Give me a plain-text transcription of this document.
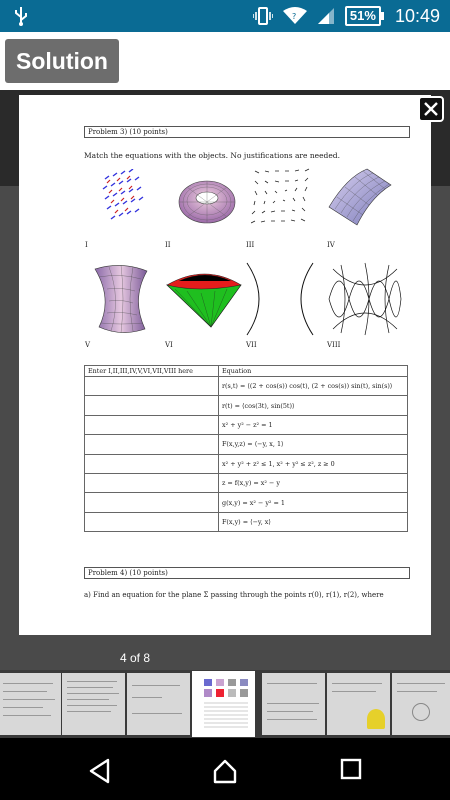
?	51% 10:49
Solution
Problem 3) (10 points)
Match the equations with the objects. No justifications are needed.
I	II	III	IV
V	VI	VII	VIII
Enter I,II,III,IV,V,VI,VII,VIII here	Equation
	r(s,t) = ⟨(2 + cos(s)) cos(t), (2 + cos(s)) sin(t), sin(s)⟩
	r(t) = ⟨cos(3t), sin(5t)⟩
	x² + y² − z² = 1
	F(x,y,z) = ⟨−y, x, 1⟩
	x² + y² + z² ≤ 1, x² + y² ≤ z², z ≥ 0
	z = f(x,y) = x² − y
	g(x,y) = x² − y² = 1
	F(x,y) = ⟨−y, x⟩
Problem 4) (10 points)
a) Find an equation for the plane Σ passing through the points r(0), r(1), r(2), where
4 of 8
